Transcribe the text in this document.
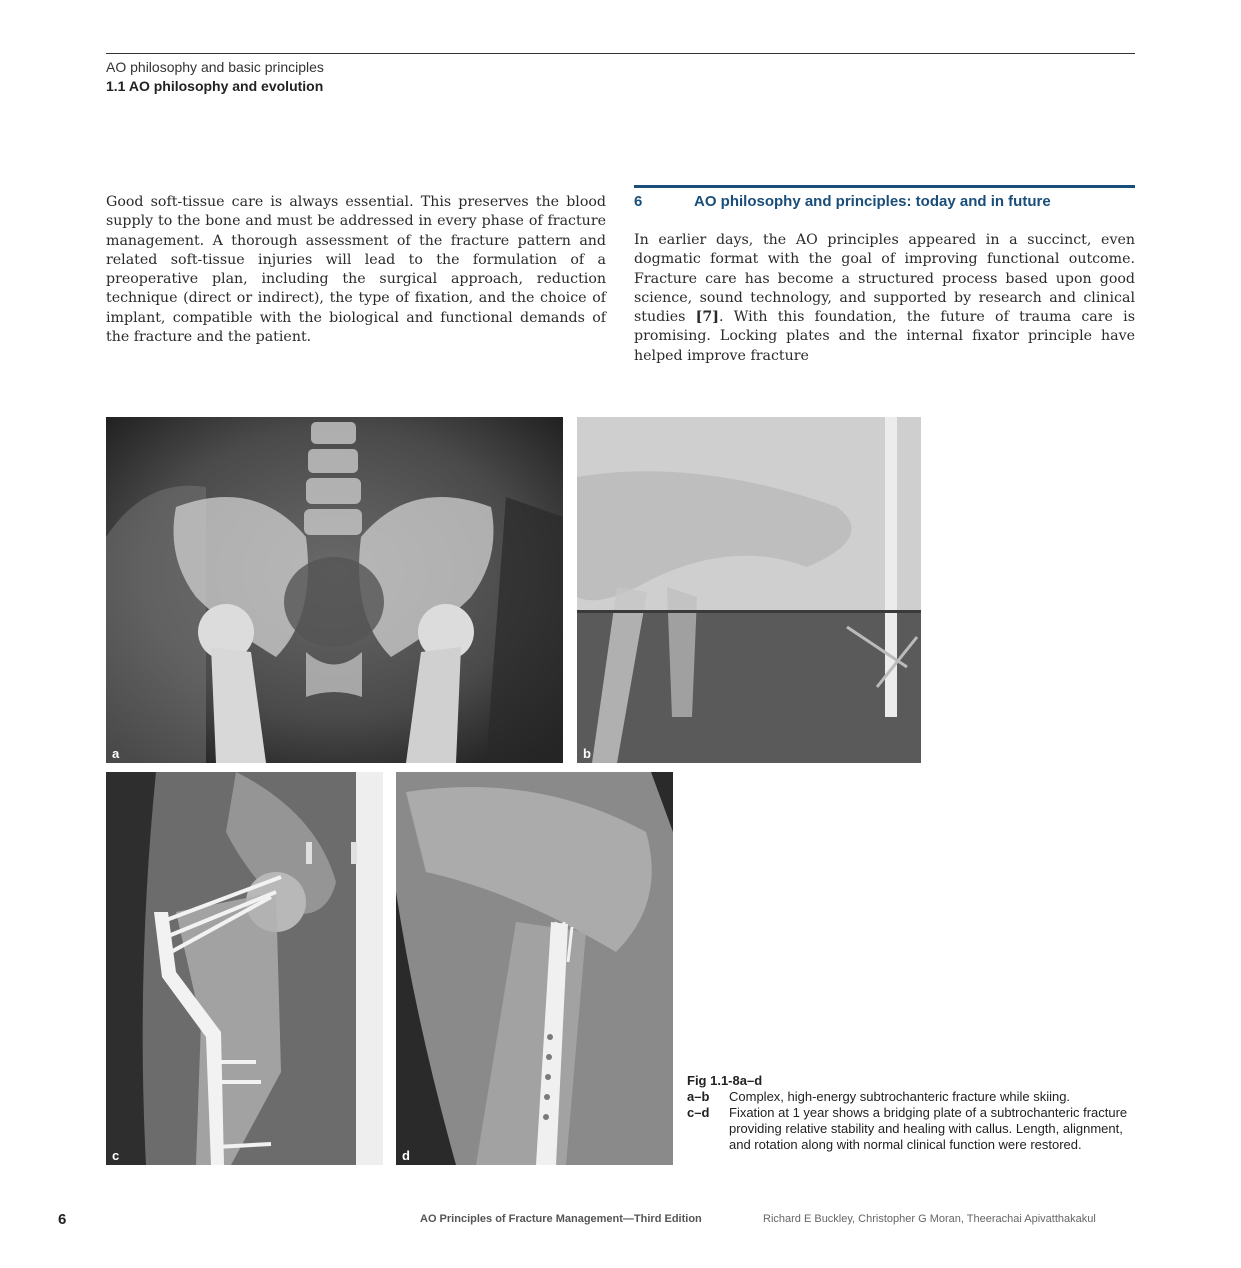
AO philosophy and basic principles
1.1 AO philosophy and evolution
Good soft-tissue care is always essential. This preserves the blood supply to the bone and must be addressed in every phase of fracture management. A thorough assessment of the fracture pattern and related soft-tissue injuries will lead to the formulation of a preoperative plan, including the surgical approach, reduction technique (direct or indirect), the type of fixation, and the choice of implant, compatible with the biological and functional demands of the fracture and the patient.
6	AO philosophy and principles: today and in future
In earlier days, the AO principles appeared in a succinct, even dogmatic format with the goal of improving functional outcome. Fracture care has become a structured process based upon good science, sound technology, and supported by research and clinical studies [7]. With this foundation, the future of trauma care is promising. Locking plates and the internal fixator principle have helped improve fracture
a	b
c	d
Fig 1.1-8a–d
a–b	Complex, high-energy subtrochanteric fracture while skiing.
c–d	Fixation at 1 year shows a bridging plate of a subtrochanteric fracture providing relative stability and healing with callus. Length, alignment, and rotation along with normal clinical function were restored.
6	AO Principles of Fracture Management—Third Edition	Richard E Buckley, Christopher G Moran, Theerachai Apivatthakakul
